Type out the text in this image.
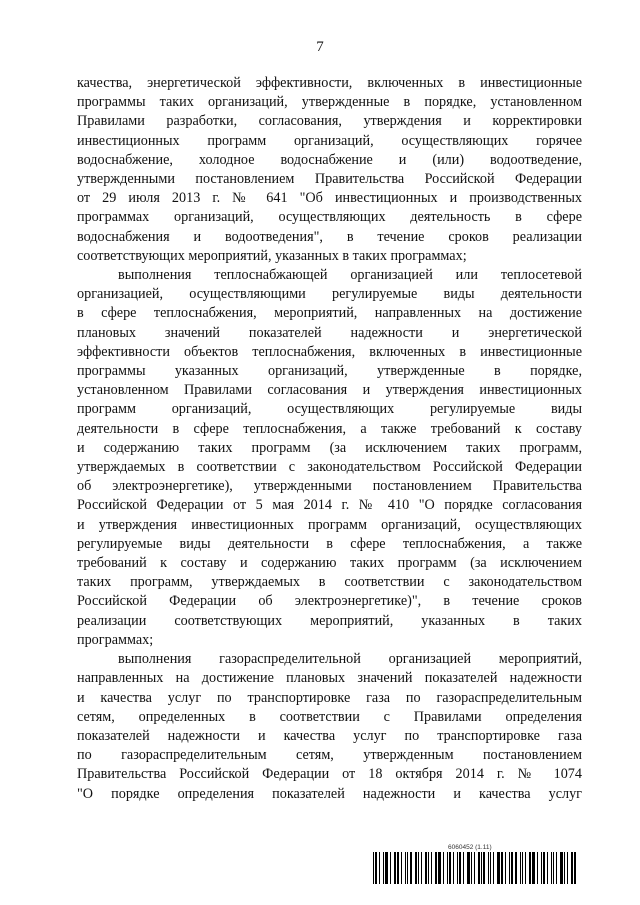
7

качества, энергетической эффективности, включенных в инвестиционные

программы таких организаций, утвержденные в порядке, установленном

Правилами разработки, согласования, утверждения и корректировки

инвестиционных программ организаций, осуществляющих горячее

водоснабжение, холодное водоснабжение и (или) водоотведение,

утвержденными постановлением Правительства Российской Федерации

от 29 июля 2013 г. № 641 "Об инвестиционных и производственных

программах организаций, осуществляющих деятельность в сфере

водоснабжения и водоотведения", в течение сроков реализации

соответствующих мероприятий, указанных в таких программах;

выполнения теплоснабжающей организацией или теплосетевой

организацией, осуществляющими регулируемые виды деятельности

в сфере теплоснабжения, мероприятий, направленных на достижение

плановых значений показателей надежности и энергетической

эффективности объектов теплоснабжения, включенных в инвестиционные

программы указанных организаций, утвержденные в порядке,

установленном Правилами согласования и утверждения инвестиционных

программ организаций, осуществляющих регулируемые виды

деятельности в сфере теплоснабжения, а также требований к составу

и содержанию таких программ (за исключением таких программ,

утверждаемых в соответствии с законодательством Российской Федерации

об электроэнергетике), утвержденными постановлением Правительства

Российской Федерации от 5 мая 2014 г. № 410 "О порядке согласования

и утверждения инвестиционных программ организаций, осуществляющих

регулируемые виды деятельности в сфере теплоснабжения, а также

требований к составу и содержанию таких программ (за исключением

таких программ, утверждаемых в соответствии с законодательством

Российской Федерации об электроэнергетике)", в течение сроков

реализации соответствующих мероприятий, указанных в таких

программах;

выполнения газораспределительной организацией мероприятий,

направленных на достижение плановых значений показателей надежности

и качества услуг по транспортировке газа по газораспределительным

сетям, определенных в соответствии с Правилами определения

показателей надежности и качества услуг по транспортировке газа

по газораспределительным сетям, утвержденным постановлением

Правительства Российской Федерации от 18 октября 2014 г. № 1074

"О порядке определения показателей надежности и качества услуг

6060452 (1.11)
